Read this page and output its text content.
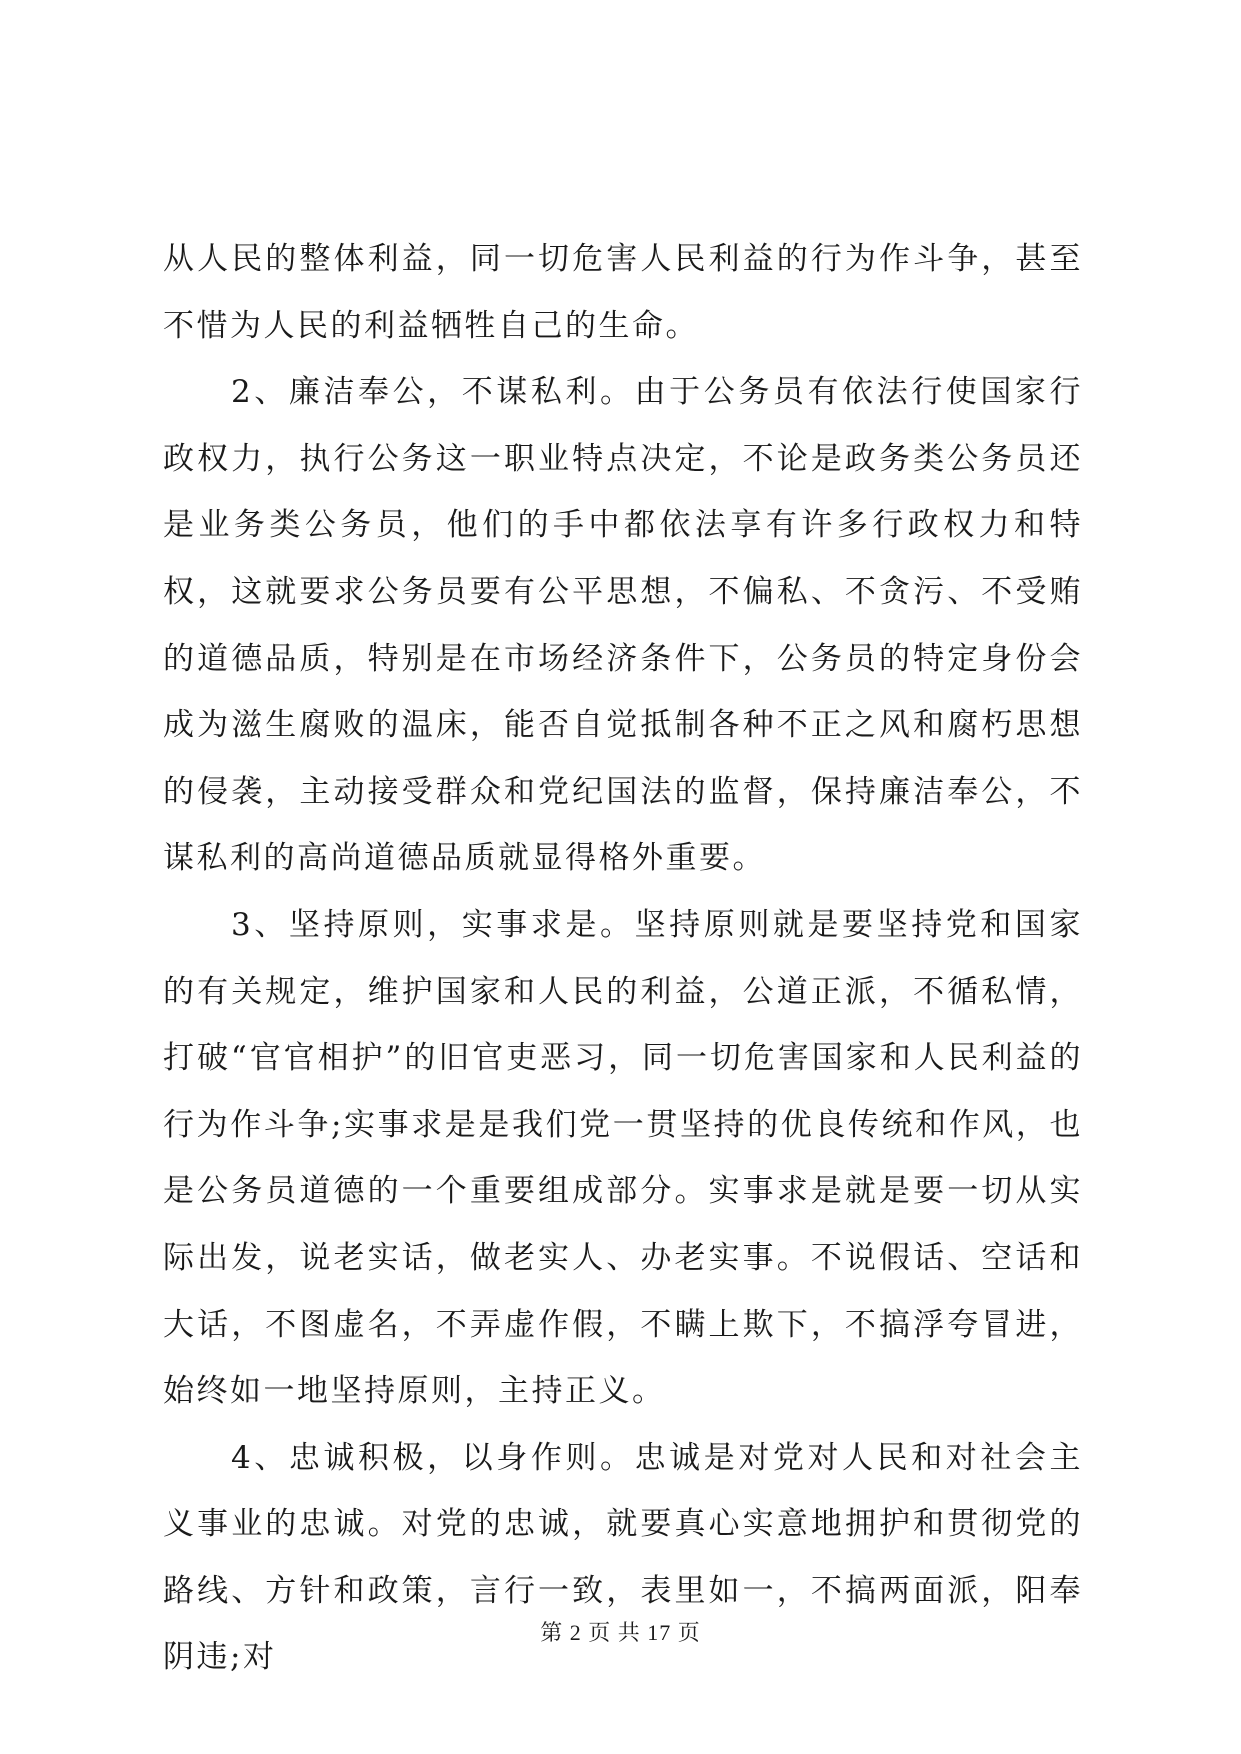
从人民的整体利益，同一切危害人民利益的行为作斗争，甚至不惜为人民的利益牺牲自己的生命。

2、廉洁奉公，不谋私利。由于公务员有依法行使国家行政权力，执行公务这一职业特点决定，不论是政务类公务员还是业务类公务员，他们的手中都依法享有许多行政权力和特权，这就要求公务员要有公平思想，不偏私、不贪污、不受贿的道德品质，特别是在市场经济条件下，公务员的特定身份会成为滋生腐败的温床，能否自觉抵制各种不正之风和腐朽思想的侵袭，主动接受群众和党纪国法的监督，保持廉洁奉公，不谋私利的高尚道德品质就显得格外重要。

3、坚持原则，实事求是。坚持原则就是要坚持党和国家的有关规定，维护国家和人民的利益，公道正派，不循私情，打破“官官相护”的旧官吏恶习，同一切危害国家和人民利益的行为作斗争;实事求是是我们党一贯坚持的优良传统和作风，也是公务员道德的一个重要组成部分。实事求是就是要一切从实际出发，说老实话，做老实人、办老实事。不说假话、空话和大话，不图虚名，不弄虚作假，不瞒上欺下，不搞浮夸冒进，始终如一地坚持原则，主持正义。

4、忠诚积极，以身作则。忠诚是对党对人民和对社会主义事业的忠诚。对党的忠诚，就要真心实意地拥护和贯彻党的路线、方针和政策，言行一致，表里如一，不搞两面派，阳奉阴违;对

第 2 页 共 17 页
